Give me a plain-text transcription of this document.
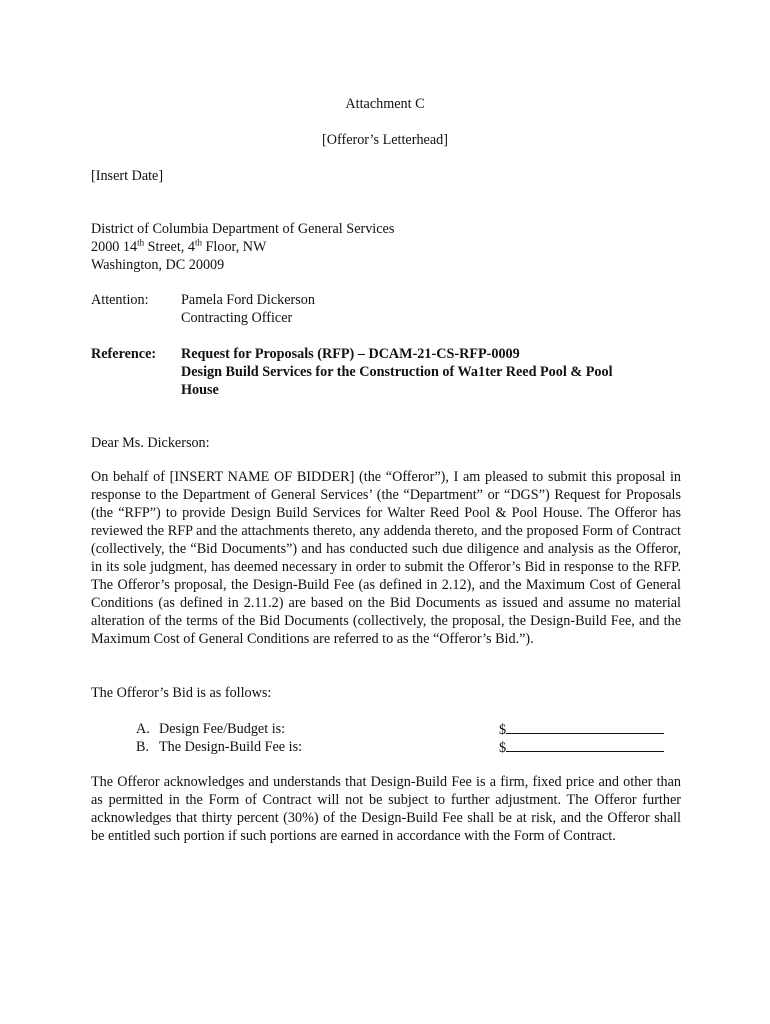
Attachment C
[Offeror’s Letterhead]
[Insert Date]
District of Columbia Department of General Services
2000 14th Street, 4th Floor, NW
Washington, DC 20009
Attention: Pamela Ford Dickerson
Contracting Officer
Reference: Request for Proposals (RFP) – DCAM-21-CS-RFP-0009
Design Build Services for the Construction of Wa1ter Reed Pool & Pool
House
Dear Ms. Dickerson:

On behalf of [INSERT NAME OF BIDDER] (the “Offeror”), I am pleased to submit this proposal in response to the Department of General Services’ (the “Department” or “DGS”) Request for Proposals (the “RFP”) to provide Design Build Services for Walter Reed Pool & Pool House. The Offeror has reviewed the RFP and the attachments thereto, any addenda thereto, and the proposed Form of Contract (collectively, the “Bid Documents”) and has conducted such due diligence and analysis as the Offeror, in its sole judgment, has deemed necessary in order to submit the Offeror’s Bid in response to the RFP. The Offeror’s proposal, the Design-Build Fee (as defined in 2.12), and the Maximum Cost of General Conditions (as defined in 2.11.2) are based on the Bid Documents as issued and assume no material alteration of the terms of the Bid Documents (collectively, the proposal, the Design-Build Fee, and the Maximum Cost of General Conditions are referred to as the “Offeror’s Bid.”).

The Offeror’s Bid is as follows:
A. Design Fee/Budget is:	$
B. The Design-Build Fee is:	$

The Offeror acknowledges and understands that Design-Build Fee is a firm, fixed price and other than as permitted in the Form of Contract will not be subject to further adjustment. The Offeror further acknowledges that thirty percent (30%) of the Design-Build Fee shall be at risk, and the Offeror shall be entitled such portion if such portions are earned in accordance with the Form of Contract.
